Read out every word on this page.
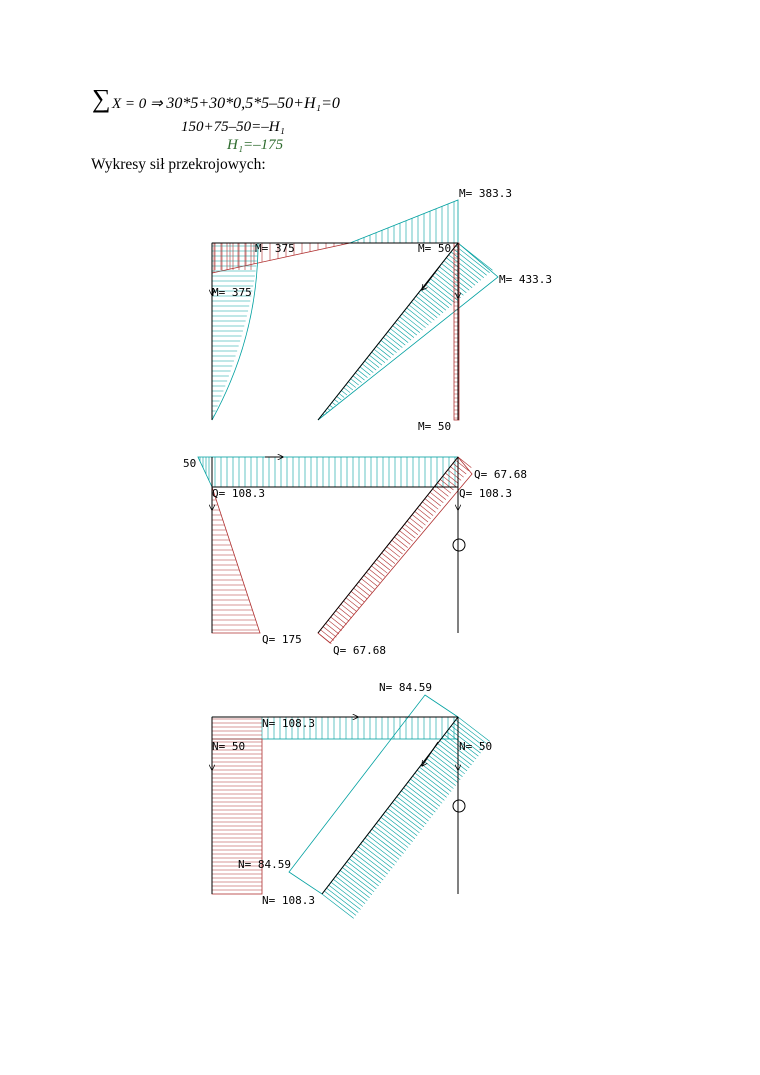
∑ X = 0 ⇒ 30*5+30*0,5*5–50+H₁=0
150+75–50=–H₁
H₁=–175
Wykresy sił przekrojowych:
M= 383.3
M= 375	M= 50
M= 433.3
M= 375
M= 50
50
Q= 108.3
Q= 67.68
Q= 108.3
Q= 175
Q= 67.68
N= 84.59
N= 108.3
N= 50	N= 50
N= 84.59
N= 108.3
